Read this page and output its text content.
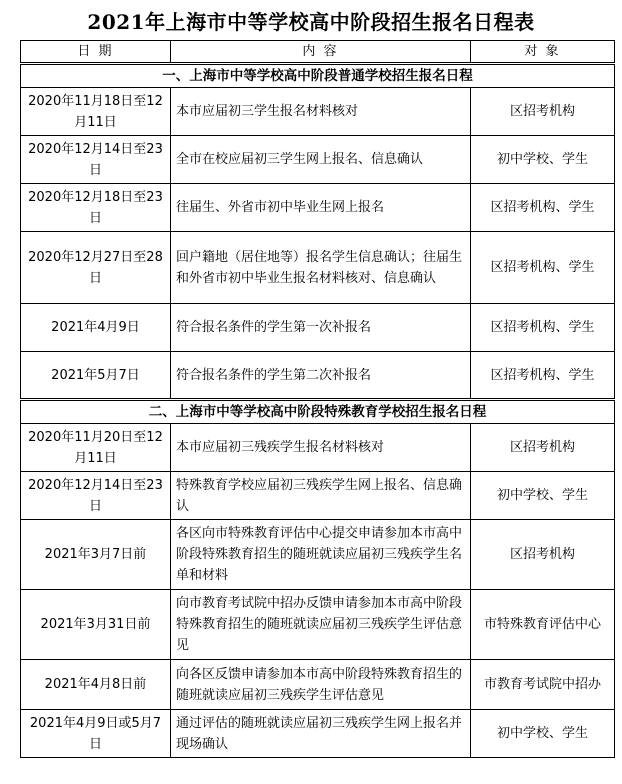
2021年上海市中等学校高中阶段招生报名日程表
日 期	内 容	对 象
一、上海市中等学校高中阶段普通学校招生报名日程		
2020年11月18日至12月11日	本市应届初三学生报名材料核对	区招考机构
2020年12月14日至23日	全市在校应届初三学生网上报名、信息确认	初中学校、学生
2020年12月18日至23日	往届生、外省市初中毕业生网上报名	区招考机构、学生
2020年12月27日至28日	回户籍地（居住地等）报名学生信息确认；往届生和外省市初中毕业生报名材料核对、信息确认	区招考机构、学生
2021年4月9日	符合报名条件的学生第一次补报名	区招考机构、学生
2021年5月7日	符合报名条件的学生第二次补报名	区招考机构、学生
二、上海市中等学校高中阶段特殊教育学校招生报名日程		
2020年11月20日至12月11日	本市应届初三残疾学生报名材料核对	区招考机构
2020年12月14日至23日	特殊教育学校应届初三残疾学生网上报名、信息确认	初中学校、学生
2021年3月7日前	各区向市特殊教育评估中心提交申请参加本市高中阶段特殊教育招生的随班就读应届初三残疾学生名单和材料	区招考机构
2021年3月31日前	向市教育考试院中招办反馈申请参加本市高中阶段特殊教育招生的随班就读应届初三残疾学生评估意见	市特殊教育评估中心
2021年4月8日前	向各区反馈申请参加本市高中阶段特殊教育招生的随班就读应届初三残疾学生评估意见	市教育考试院中招办
2021年4月9日或5月7日	通过评估的随班就读应届初三残疾学生网上报名并现场确认	初中学校、学生
